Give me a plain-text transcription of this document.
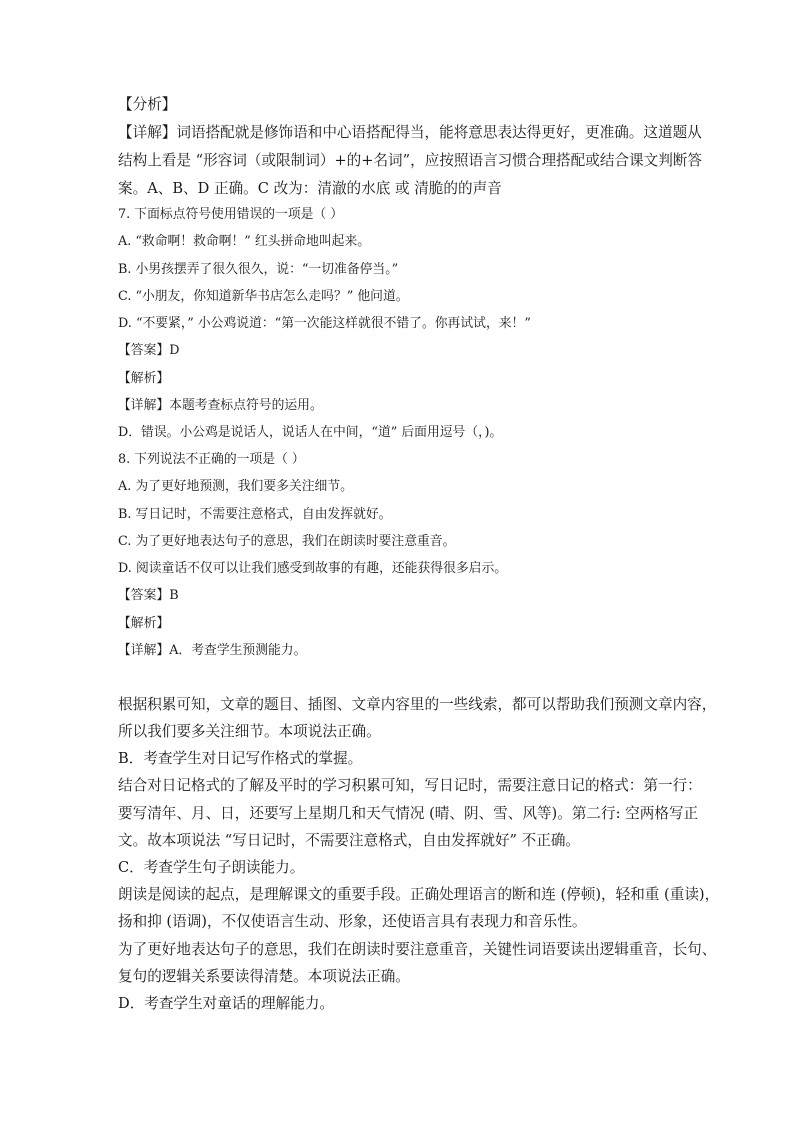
【分析】
【详解】词语搭配就是修饰语和中心语搭配得当，能将意思表达得更好，更准确。这道题从
结构上看是 “形容词（或限制词）+的+名词”，应按照语言习惯合理搭配或结合课文判断答
案。A、B、D 正确。C 改为：清澈的水底 或 清脆的的声音
7. 下面标点符号使用错误的一项是（ ）
A. “救命啊！救命啊！” 红头拼命地叫起来。
B. 小男孩摆弄了很久很久，说：“一切准备停当。”
C. “小朋友，你知道新华书店怎么走吗？” 他问道。
D. “不要紧，” 小公鸡说道：“第一次能这样就很不错了。你再试试，来！”
【答案】D
【解析】
【详解】本题考查标点符号的运用。
D．错误。小公鸡是说话人，说话人在中间，“道” 后面用逗号（，)。
8. 下列说法不正确的一项是（ ）
A. 为了更好地预测，我们要多关注细节。
B. 写日记时，不需要注意格式，自由发挥就好。
C. 为了更好地表达句子的意思，我们在朗读时要注意重音。
D. 阅读童话不仅可以让我们感受到故事的有趣，还能获得很多启示。
【答案】B
【解析】
【详解】A．考查学生预测能力。
根据积累可知，文章的题目、插图、文章内容里的一些线索，都可以帮助我们预测文章内容，
所以我们要多关注细节。本项说法正确。
B．考查学生对日记写作格式的掌握。
结合对日记格式的了解及平时的学习积累可知，写日记时，需要注意日记的格式：第一行：
要写清年、月、日，还要写上星期几和天气情况 (晴、阴、雪、风等)。第二行: 空两格写正
文。故本项说法 “写日记时，不需要注意格式，自由发挥就好” 不正确。
C．考查学生句子朗读能力。
朗读是阅读的起点，是理解课文的重要手段。正确处理语言的断和连 (停顿)，轻和重 (重读)，
扬和抑 (语调)，不仅使语言生动、形象，还使语言具有表现力和音乐性。
为了更好地表达句子的意思，我们在朗读时要注意重音，关键性词语要读出逻辑重音，长句、
复句的逻辑关系要读得清楚。本项说法正确。
D．考查学生对童话的理解能力。
